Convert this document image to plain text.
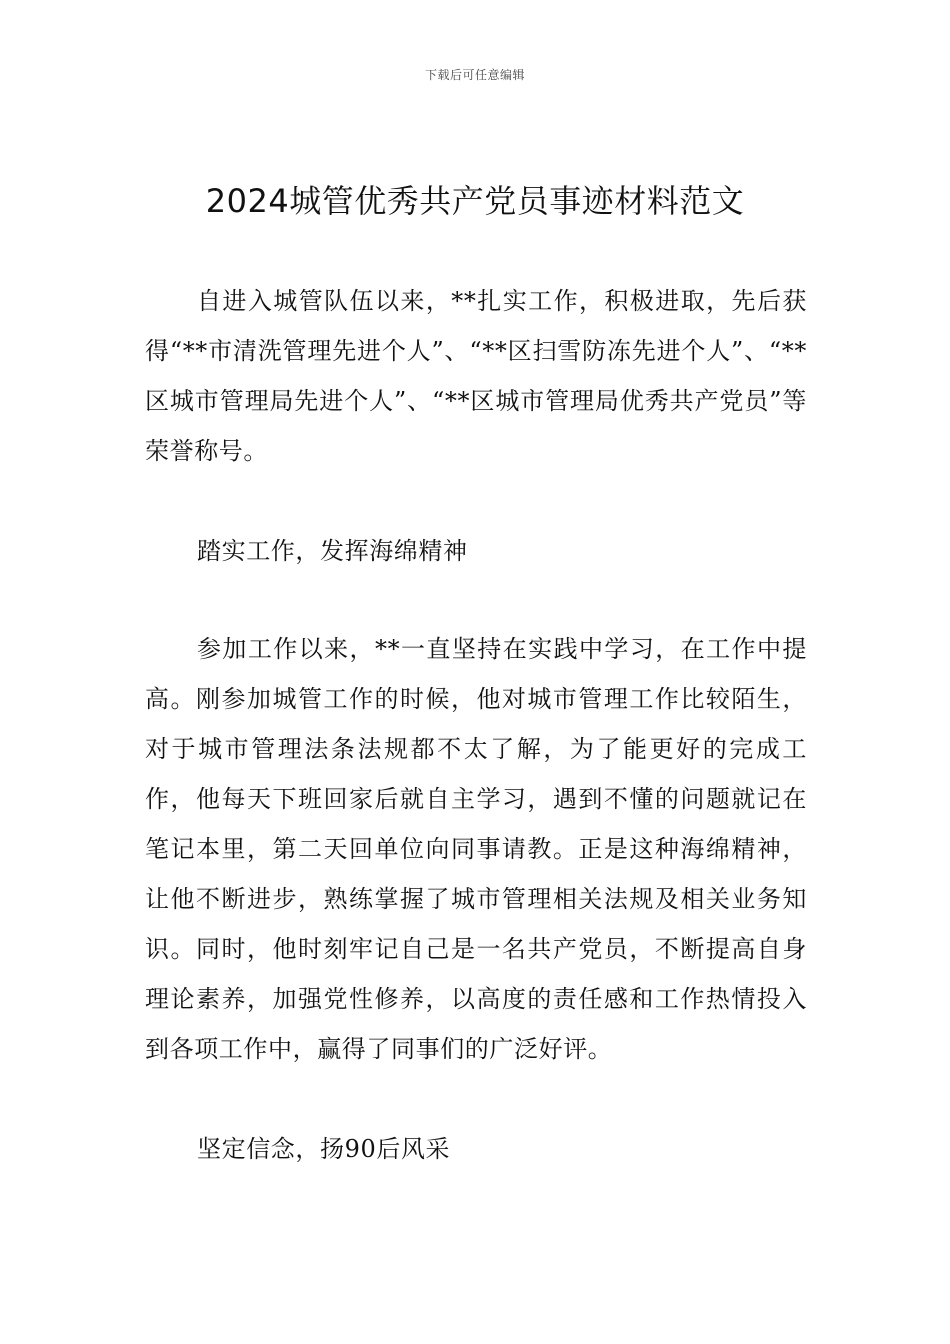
下载后可任意编辑
2024城管优秀共产党员事迹材料范文

自进入城管队伍以来，**扎实工作，积极进取，先后获得“**市清洗管理先进个人”、“**区扫雪防冻先进个人”、“**区城市管理局先进个人”、“**区城市管理局优秀共产党员”等荣誉称号。

踏实工作，发挥海绵精神

参加工作以来，**一直坚持在实践中学习，在工作中提高。刚参加城管工作的时候，他对城市管理工作比较陌生，对于城市管理法条法规都不太了解，为了能更好的完成工作，他每天下班回家后就自主学习，遇到不懂的问题就记在笔记本里，第二天回单位向同事请教。正是这种海绵精神，让他不断进步，熟练掌握了城市管理相关法规及相关业务知识。同时，他时刻牢记自己是一名共产党员，不断提高自身理论素养，加强党性修养，以高度的责任感和工作热情投入到各项工作中，赢得了同事们的广泛好评。

坚定信念，扬90后风采
